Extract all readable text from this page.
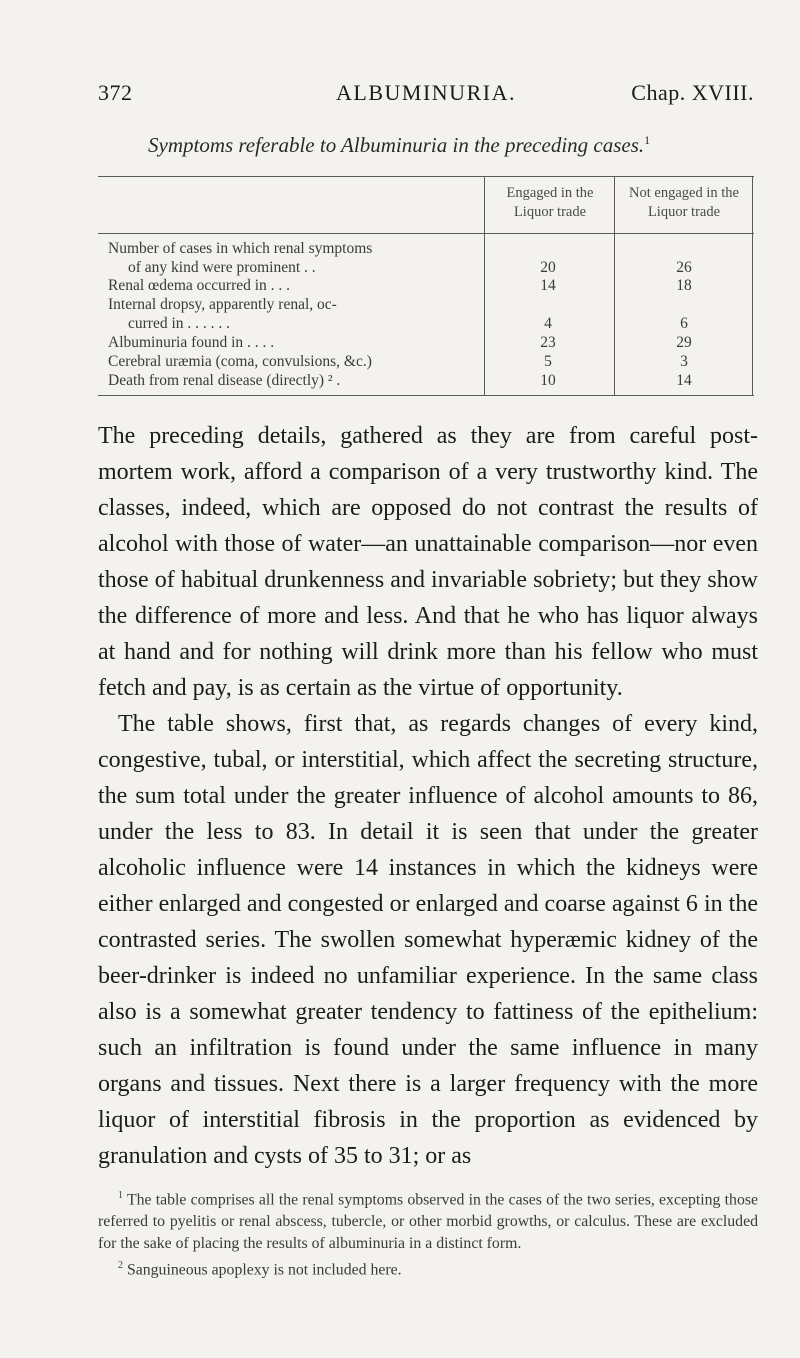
372	ALBUMINURIA.	Chap. XVIII.
Symptoms referable to Albuminuria in the preceding cases.$^1$
Engaged in the Liquor trade
Not engaged in the Liquor trade
Number of cases in which renal symptoms
of any kind were prominent . .	20	26
Renal œdema occurred in . . .	14	18
Internal dropsy, apparently renal, oc-
curred in . . . . . .	4	6
Albuminuria found in . . . .	23	29
Cerebral uræmia (coma, convulsions, &c.)	5	3
Death from renal disease (directly) ² .	10	14

The preceding details, gathered as they are from careful post-mortem work, afford a comparison of a very trustworthy kind. The classes, indeed, which are opposed do not contrast the results of alcohol with those of water—an unattainable comparison—nor even those of habitual drunkenness and invariable sobriety; but they show the difference of more and less. And that he who has liquor always at hand and for nothing will drink more than his fellow who must fetch and pay, is as certain as the virtue of opportunity.

The table shows, first that, as regards changes of every kind, congestive, tubal, or interstitial, which affect the secreting structure, the sum total under the greater influence of alcohol amounts to 86, under the less to 83. In detail it is seen that under the greater alcoholic influence were 14 instances in which the kidneys were either enlarged and congested or enlarged and coarse against 6 in the contrasted series. The swollen somewhat hyperæmic kidney of the beer-drinker is indeed no unfamiliar experience. In the same class also is a somewhat greater tendency to fattiness of the epithelium: such an infiltration is found under the same influence in many organs and tissues. Next there is a larger frequency with the more liquor of interstitial fibrosis in the proportion as evidenced by granulation and cysts of 35 to 31; or as

$^1$ The table comprises all the renal symptoms observed in the cases of the two series, excepting those referred to pyelitis or renal abscess, tubercle, or other morbid growths, or calculus. These are excluded for the sake of placing the results of albuminuria in a distinct form.

$^2$ Sanguineous apoplexy is not included here.
